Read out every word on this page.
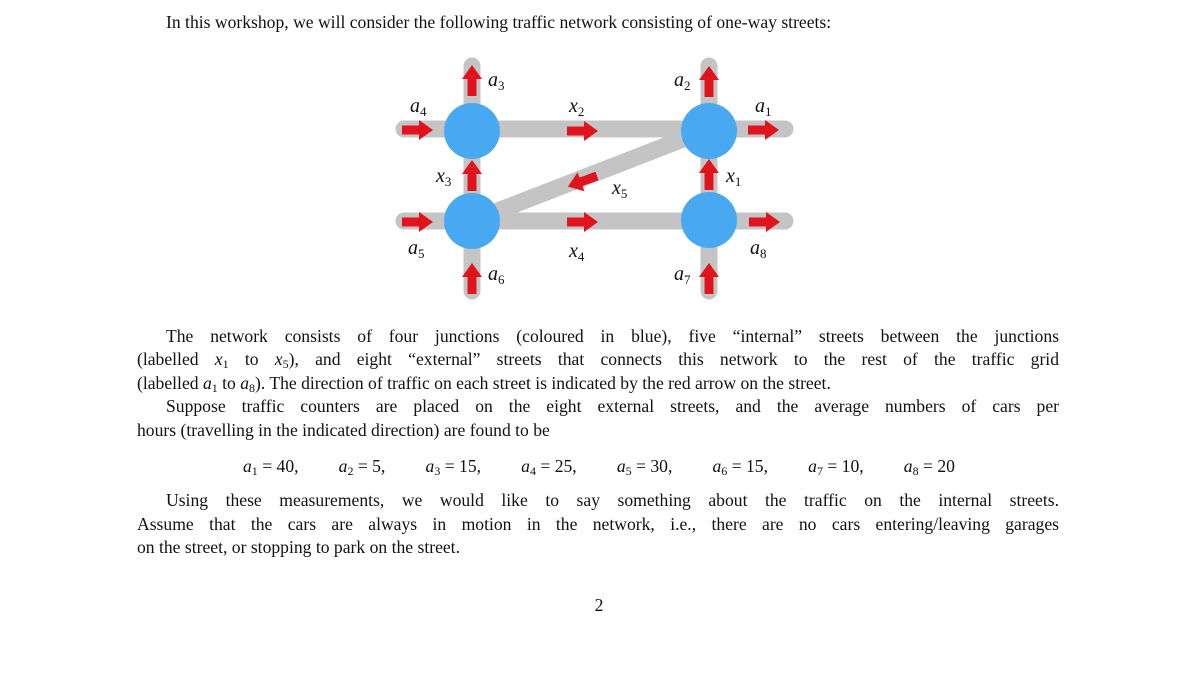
In this workshop, we will consider the following traffic network consisting of one-way streets:
$a_3$	$a_2$
$a_4$	$x_2$	$a_1$
$x_3$	$x_1$
$x_5$
$a_5$	$x_4$	$a_8$
$a_6$	$a_7$
The network consists of four junctions (coloured in blue), five “internal” streets between the junctions
(labelled $x_1$ to $x_5$), and eight “external” streets that connects this network to the rest of the traffic grid
(labelled $a_1$ to $a_8$). The direction of traffic on each street is indicated by the red arrow on the street.
Suppose traffic counters are placed on the eight external streets, and the average numbers of cars per
hours (travelling in the indicated direction) are found to be
$a_1 = 40$, $a_2 = 5$, $a_3 = 15$, $a_4 = 25$, $a_5 = 30$, $a_6 = 15$, $a_7 = 10$, $a_8 = 20$
Using these measurements, we would like to say something about the traffic on the internal streets.
Assume that the cars are always in motion in the network, i.e., there are no cars entering/leaving garages
on the street, or stopping to park on the street.
2
